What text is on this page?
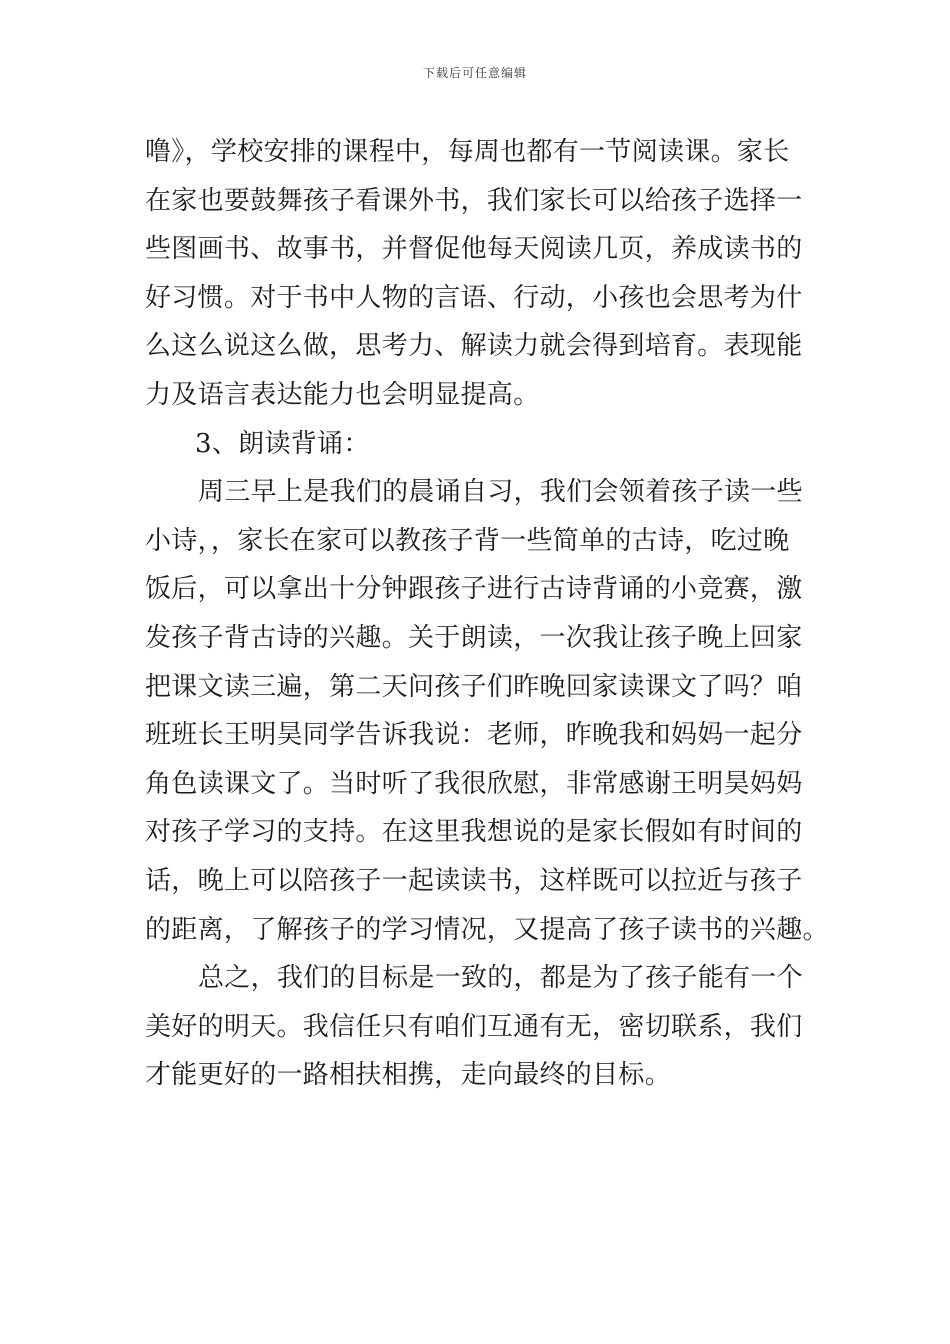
下载后可任意编辑
噜》，学校安排的课程中，每周也都有一节阅读课。家长
在家也要鼓舞孩子看课外书，我们家长可以给孩子选择一
些图画书、故事书，并督促他每天阅读几页，养成读书的
好习惯。对于书中人物的言语、行动，小孩也会思考为什
么这么说这么做，思考力、解读力就会得到培育。表现能
力及语言表达能力也会明显提高。
3、朗读背诵：
周三早上是我们的晨诵自习，我们会领着孩子读一些
小诗，，家长在家可以教孩子背一些简单的古诗，吃过晚
饭后，可以拿出十分钟跟孩子进行古诗背诵的小竞赛，激
发孩子背古诗的兴趣。关于朗读，一次我让孩子晚上回家
把课文读三遍，第二天问孩子们昨晚回家读课文了吗？咱
班班长王明昊同学告诉我说：老师，昨晚我和妈妈一起分
角色读课文了。当时听了我很欣慰，非常感谢王明昊妈妈
对孩子学习的支持。在这里我想说的是家长假如有时间的
话，晚上可以陪孩子一起读读书，这样既可以拉近与孩子
的距离，了解孩子的学习情况，又提高了孩子读书的兴趣。
总之，我们的目标是一致的，都是为了孩子能有一个
美好的明天。我信任只有咱们互通有无，密切联系，我们
才能更好的一路相扶相携，走向最终的目标。
